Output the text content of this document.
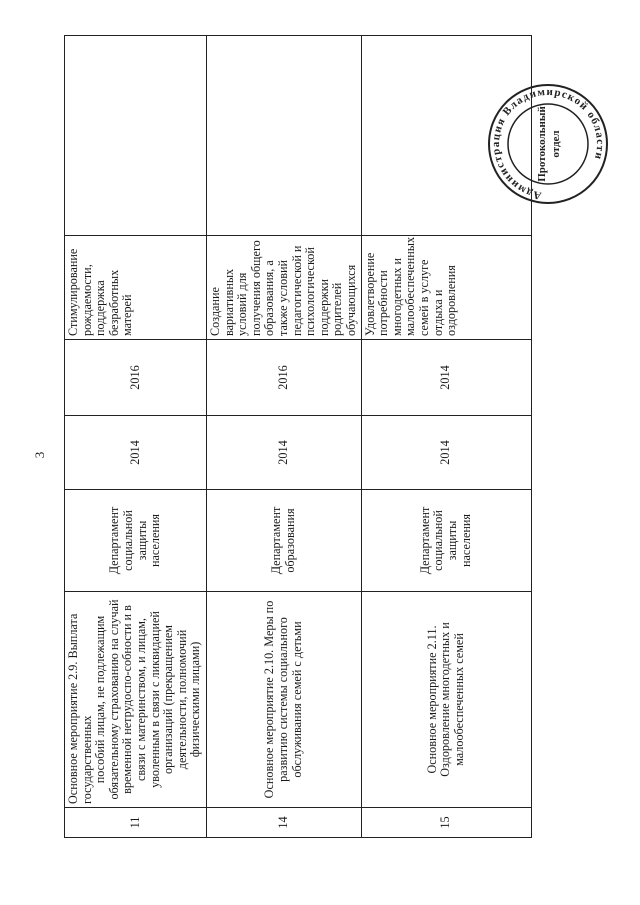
3
11	Основное мероприятие 2.9. Выплата государственных пособий лицам, не подлежащим обязательному страхованию на случай временной нетрудоспо-собности и в связи с материнством, и лицам, уволенным в связи с ликвидацией организаций (прекращением деятельности, полномочий физическими лицами)	Департамент социальной защиты населения	2014	2016	Стимулирование рождаемости, поддержка безработных матерей	
14	Основное мероприятие 2.10. Меры по развитию системы социального обслуживания семей с детьми	Департамент образования	2014	2016	Создание вариативных условий для получения общего образования, а также условий педагогической и психологической поддержки родителей обучающихся	
15	Основное мероприятие 2.11. Оздоровление многодетных и малообеспеченных семей	Департамент социальной защиты населения	2014	2014	Удовлетворение потребности многодетных и малообеспеченных семей в услуге отдыха и оздоровления	
Администрация Владимирской области
Протокольный отдел
